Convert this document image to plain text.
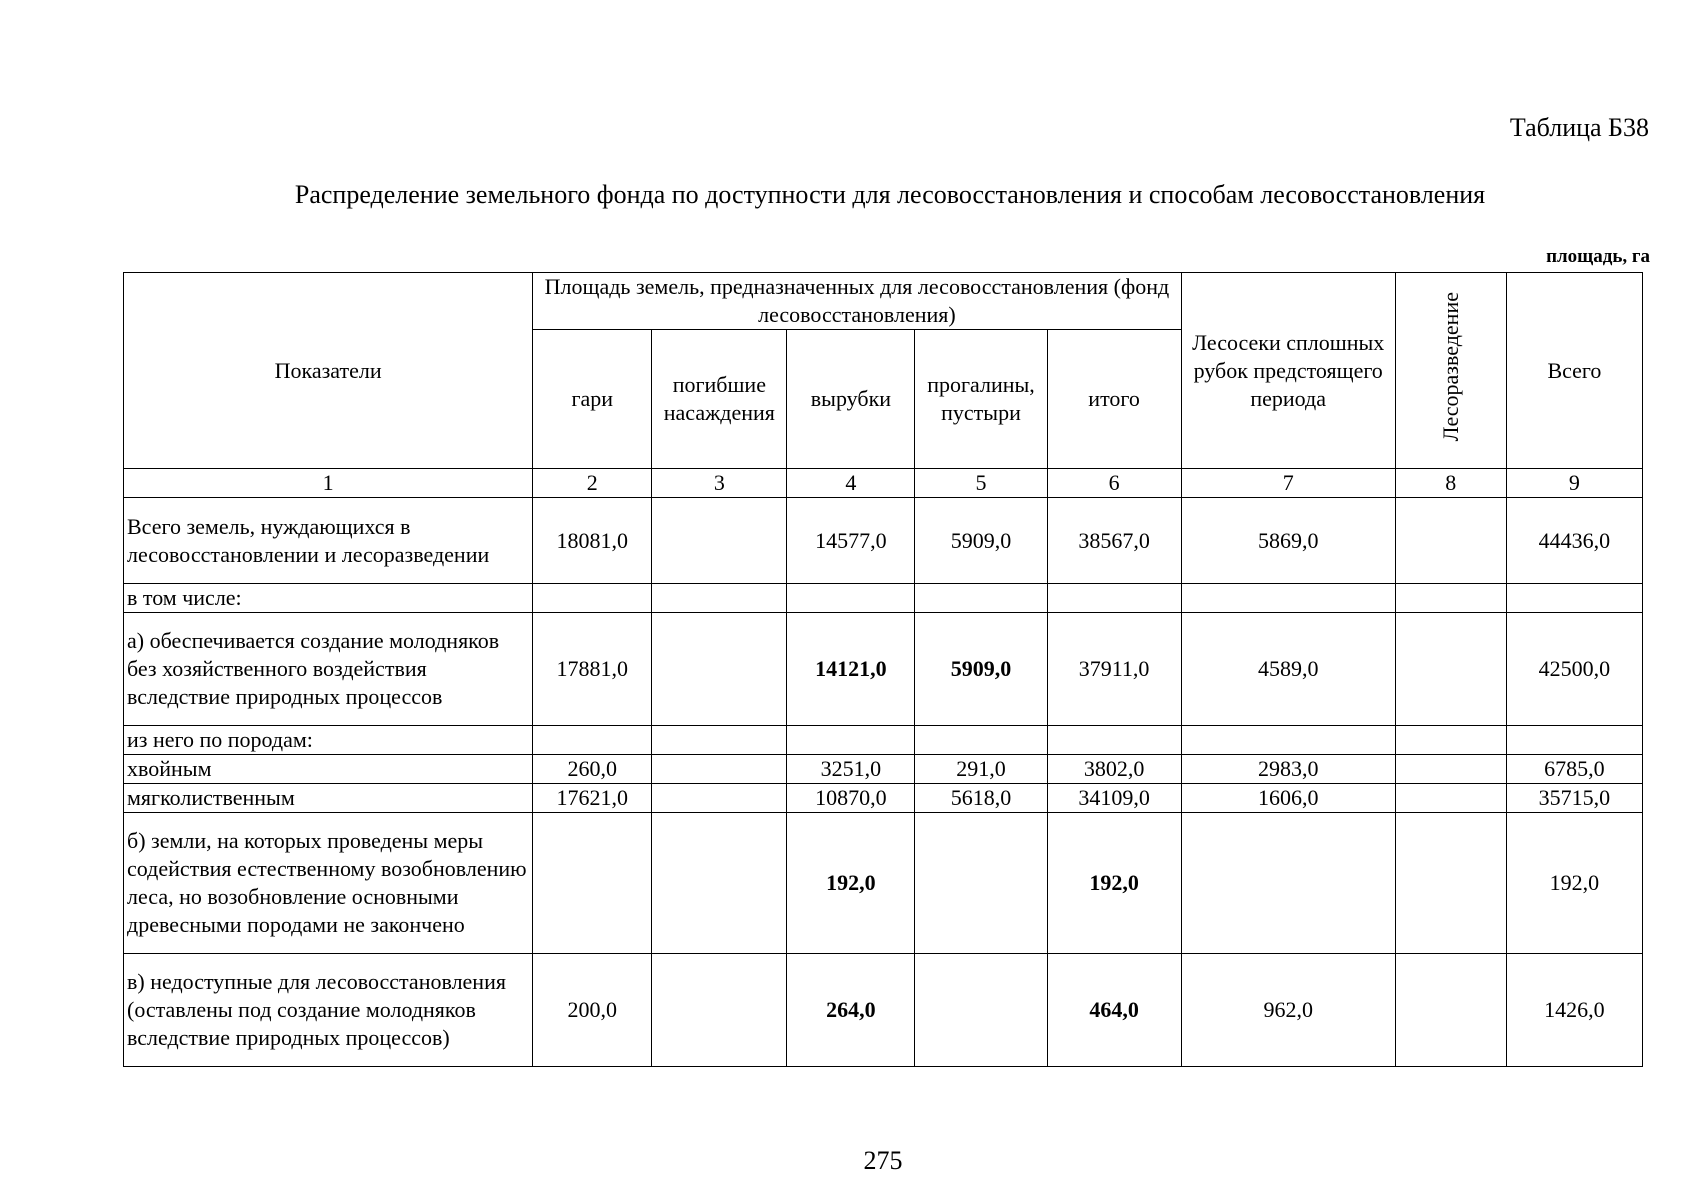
Таблица Б38
Распределение земельного фонда по доступности для лесовосстановления и способам лесовосстановления
площадь, га
Показатели	Площадь земель, предназначенных для лесовосстановления (фонд лесовосстановления)					Лесосеки сплошных рубок предстоящего периода	Лесоразведение	Всего
	гари	погибшие насаждения	вырубки	прогалины, пустыри	итого			
1	2	3	4	5	6	7	8	9
Всего земель, нуждающихся в лесовосстановлении и лесоразведении	18081,0		14577,0	5909,0	38567,0	5869,0		44436,0
в том числе:								
а) обеспечивается создание молодняков без хозяйственного воздействия вследствие природных процессов	17881,0		14121,0	5909,0	37911,0	4589,0		42500,0
из него по породам:								
хвойным	260,0		3251,0	291,0	3802,0	2983,0		6785,0
мягколиственным	17621,0		10870,0	5618,0	34109,0	1606,0		35715,0
б) земли, на которых проведены меры содействия естественному возобновлению леса, но возобновление основными древесными породами не закончено			192,0		192,0			192,0
в) недоступные для лесовосстановления (оставлены под создание молодняков вследствие природных процессов)	200,0		264,0		464,0	962,0		1426,0
275
